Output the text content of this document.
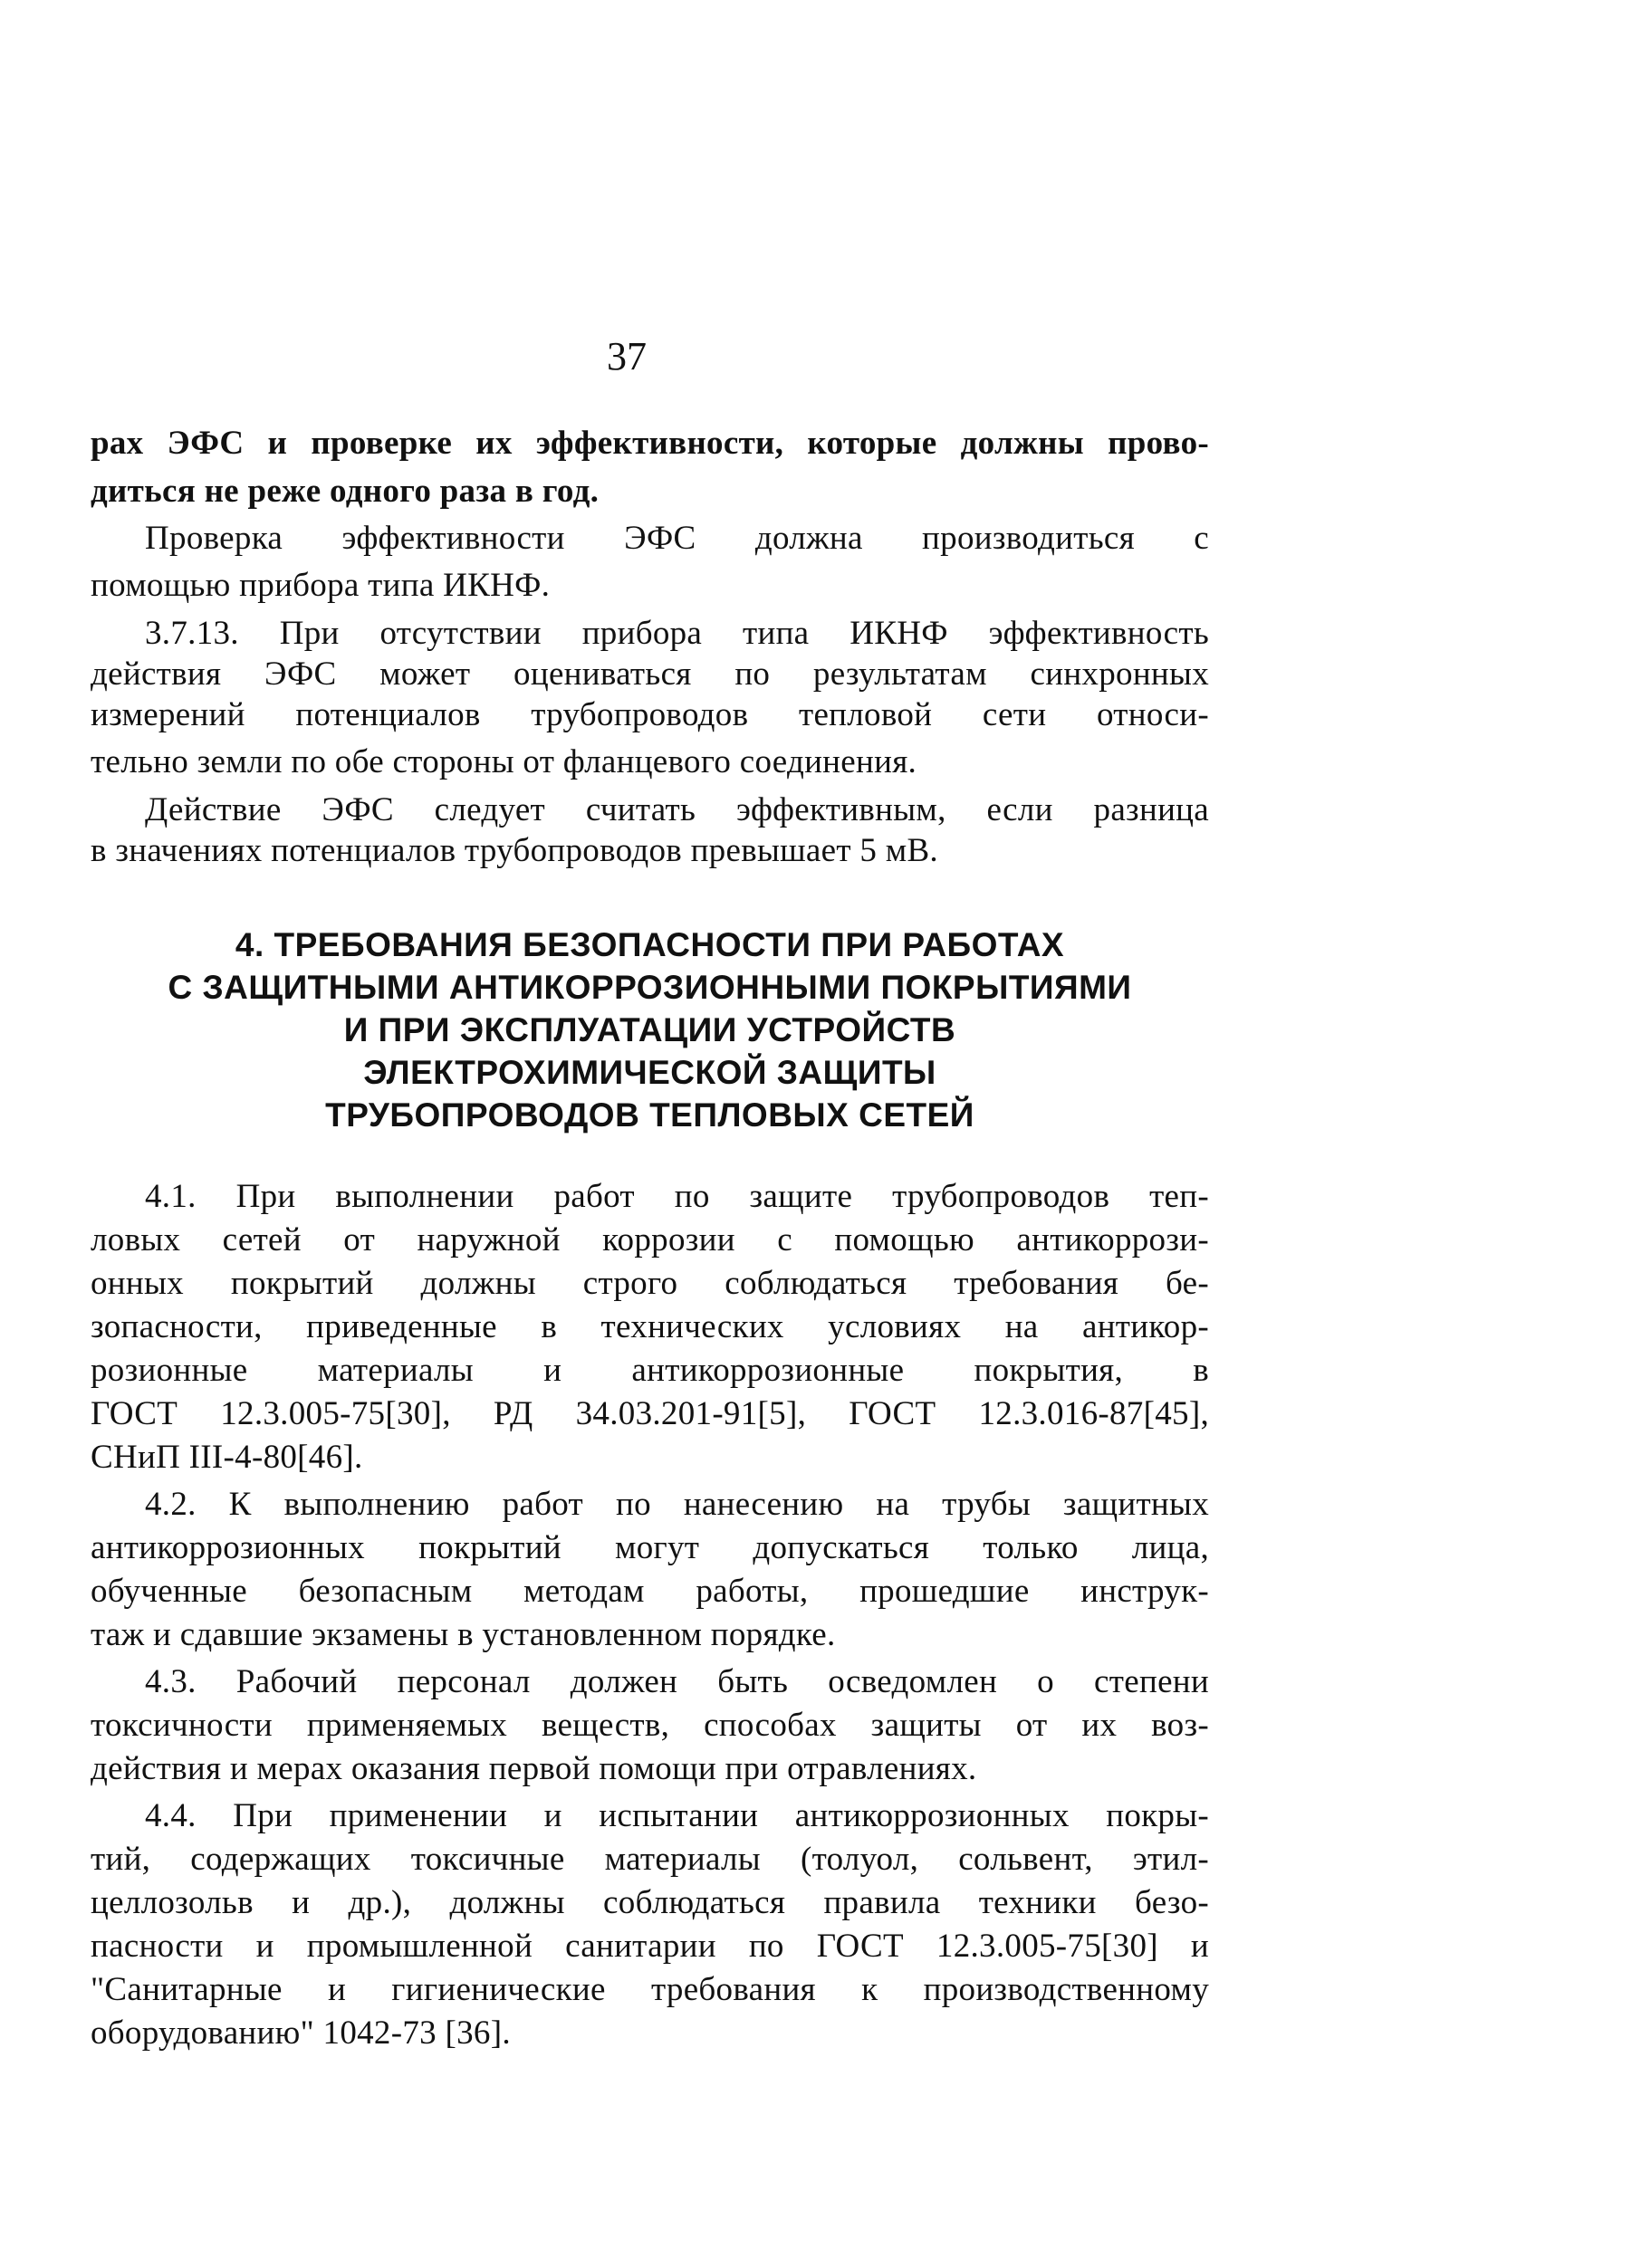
37
рах ЭФС и проверке их эффективности, которые должны прово-
диться не реже одного раза в год.
Проверка эффективности ЭФС должна производиться с
помощью прибора типа ИКНФ.
3.7.13. При отсутствии прибора типа ИКНФ эффективность
действия ЭФС может оцениваться по результатам синхронных
измерений потенциалов трубопроводов тепловой сети относи-
тельно земли по обе стороны от фланцевого соединения.
Действие ЭФС следует считать эффективным, если разница
в значениях потенциалов трубопроводов превышает 5 мВ.
4. ТРЕБОВАНИЯ БЕЗОПАСНОСТИ ПРИ РАБОТАХ
С ЗАЩИТНЫМИ АНТИКОРРОЗИОННЫМИ ПОКРЫТИЯМИ
И ПРИ ЭКСПЛУАТАЦИИ УСТРОЙСТВ
ЭЛЕКТРОХИМИЧЕСКОЙ ЗАЩИТЫ
ТРУБОПРОВОДОВ ТЕПЛОВЫХ СЕТЕЙ
4.1. При выполнении работ по защите трубопроводов теп-
ловых сетей от наружной коррозии с помощью антикоррози-
онных покрытий должны строго соблюдаться требования бе-
зопасности, приведенные в технических условиях на антикор-
розионные материалы и антикоррозионные покрытия, в
ГОСТ 12.3.005-75[30], РД 34.03.201-91[5], ГОСТ 12.3.016-87[45],
СНиП III-4-80[46].
4.2. К выполнению работ по нанесению на трубы защитных
антикоррозионных покрытий могут допускаться только лица,
обученные безопасным методам работы, прошедшие инструк-
таж и сдавшие экзамены в установленном порядке.
4.3. Рабочий персонал должен быть осведомлен о степени
токсичности применяемых веществ, способах защиты от их воз-
действия и мерах оказания первой помощи при отравлениях.
4.4. При применении и испытании антикоррозионных покры-
тий, содержащих токсичные материалы (толуол, сольвент, этил-
целлозольв и др.), должны соблюдаться правила техники безо-
пасности и промышленной санитарии по ГОСТ 12.3.005-75[30] и
"Санитарные и гигиенические требования к производственному
оборудованию" 1042-73 [36].
